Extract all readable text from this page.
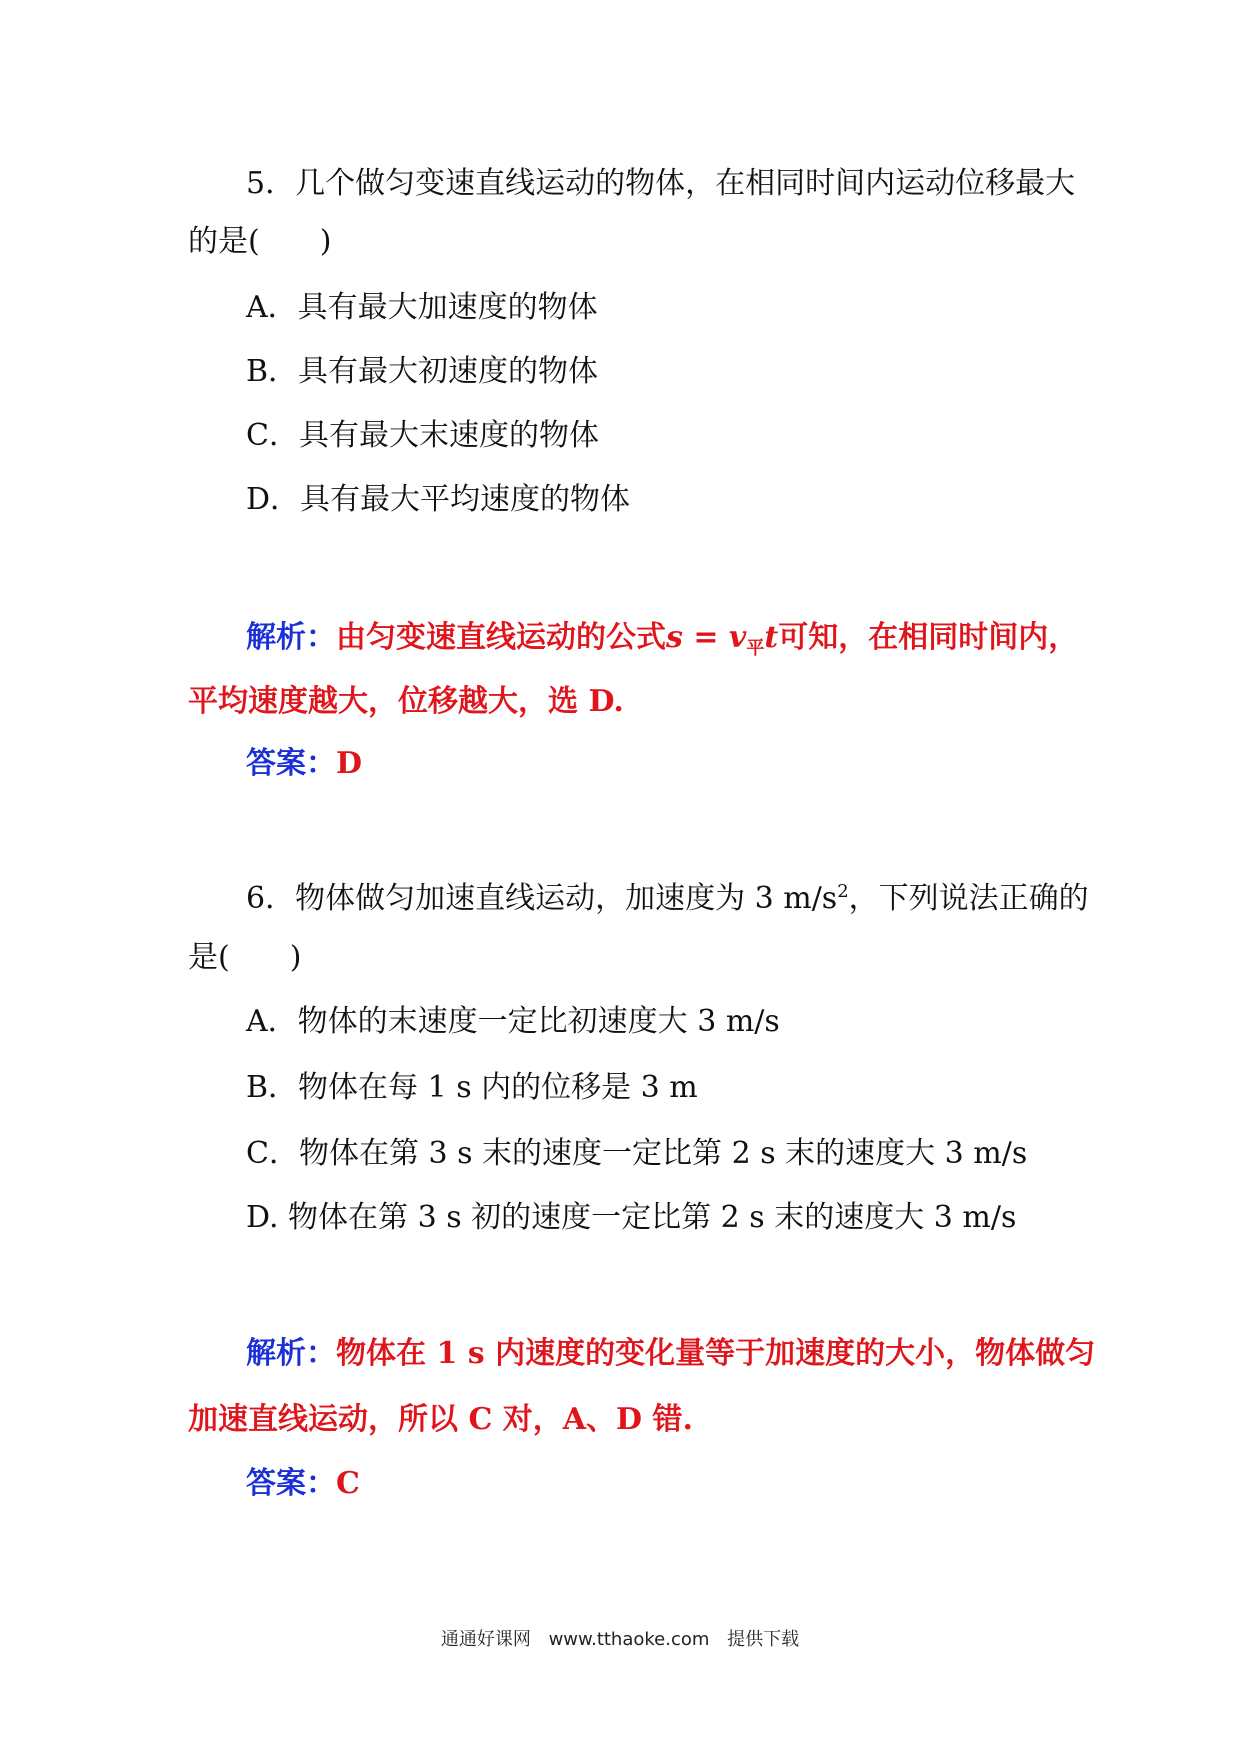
5．几个做匀变速直线运动的物体，在相同时间内运动位移最大
的是(　　)
A．具有最大加速度的物体
B．具有最大初速度的物体
C．具有最大末速度的物体
D．具有最大平均速度的物体
解析：由匀变速直线运动的公式$s = v_平t$可知，在相同时间内，
平均速度越大，位移越大，选 D.
答案：D
6．物体做匀加速直线运动，加速度为 3 $m/s^2$，下列说法正确的
是(　　)
A．物体的末速度一定比初速度大 3 m/s
B．物体在每 1 s 内的位移是 3 m
C．物体在第 3 s 末的速度一定比第 2 s 末的速度大 3 m/s
D. 物体在第 3 s 初的速度一定比第 2 s 末的速度大 3 m/s
解析：物体在 1 s 内速度的变化量等于加速度的大小，物体做匀
加速直线运动，所以 C 对，A、D 错.
答案：C
通通好课网 www.tthaoke.com 提供下载
